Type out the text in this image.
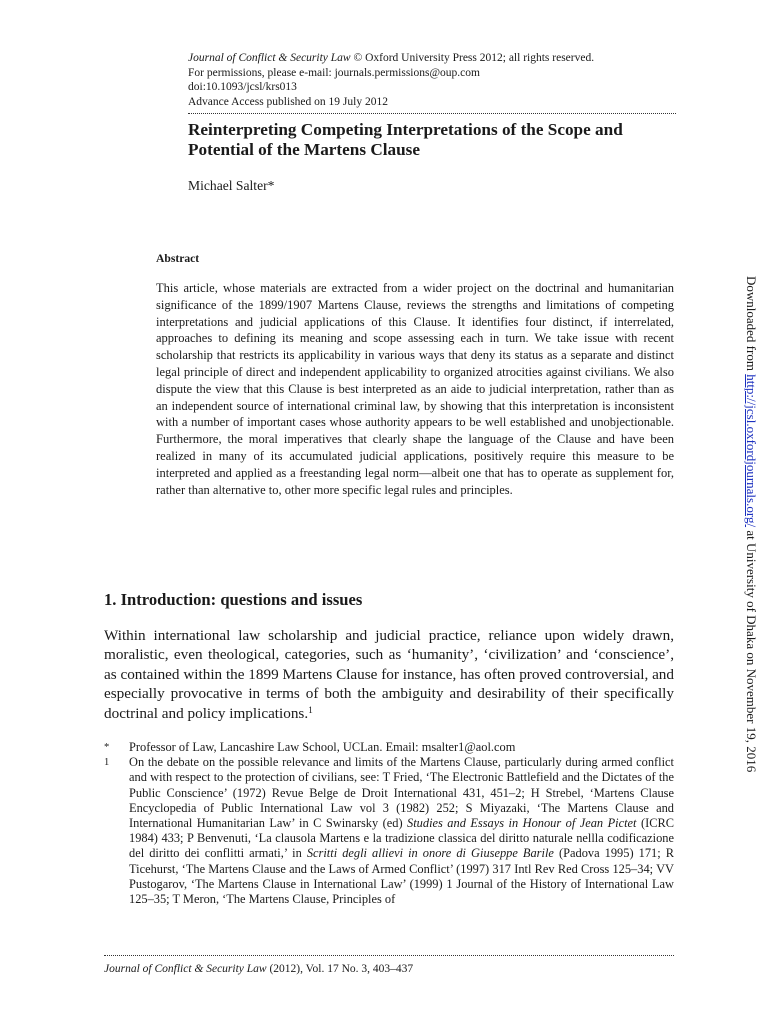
Journal of Conflict & Security Law © Oxford University Press 2012; all rights reserved.
For permissions, please e-mail: journals.permissions@oup.com
doi:10.1093/jcsl/krs013
Advance Access published on 19 July 2012
Reinterpreting Competing Interpretations of the Scope and Potential of the Martens Clause
Michael Salter*
Abstract

This article, whose materials are extracted from a wider project on the doctrinal and humanitarian significance of the 1899/1907 Martens Clause, reviews the strengths and limitations of competing interpretations and judicial applications of this Clause. It identifies four distinct, if interrelated, approaches to defining its meaning and scope assessing each in turn. We take issue with recent scholarship that restricts its applicability in various ways that deny its status as a separate and distinct legal principle of direct and independent applicability to organized atrocities against civilians. We also dispute the view that this Clause is best interpreted as an aide to judicial interpretation, rather than as an independent source of international criminal law, by showing that this interpretation is inconsistent with a number of important cases whose authority appears to be well established and unobjectionable. Furthermore, the moral imperatives that clearly shape the language of the Clause and have been realized in many of its accumulated judicial applications, positively require this measure to be interpreted and applied as a freestanding legal norm—albeit one that has to operate as supplement for, rather than alternative to, other more specific legal rules and principles.

1. Introduction: questions and issues

Within international law scholarship and judicial practice, reliance upon widely drawn, moralistic, even theological, categories, such as ‘humanity’, ‘civilization’ and ‘conscience’, as contained within the 1899 Martens Clause for instance, has often proved controversial, and especially provocative in terms of both the ambiguity and desirability of their specifically doctrinal and policy implications.$^1$

* Professor of Law, Lancashire Law School, UCLan. Email: msalter1@aol.com
1 On the debate on the possible relevance and limits of the Martens Clause, particularly during armed conflict and with respect to the protection of civilians, see: T Fried, ‘The Electronic Battlefield and the Dictates of the Public Conscience’ (1972) Revue Belge de Droit International 431, 451–2; H Strebel, ‘Martens Clause Encyclopedia of Public International Law vol 3 (1982) 252; S Miyazaki, ‘The Martens Clause and International Humanitarian Law’ in C Swinarsky (ed) Studies and Essays in Honour of Jean Pictet (ICRC 1984) 433; P Benvenuti, ‘La clausola Martens e la tradizione classica del diritto naturale nellla codificazione del diritto dei conflitti armati,’ in Scritti degli allievi in onore di Giuseppe Barile (Padova 1995) 171; R Ticehurst, ‘The Martens Clause and the Laws of Armed Conflict’ (1997) 317 Intl Rev Red Cross 125–34; VV Pustogarov, ‘The Martens Clause in International Law’ (1999) 1 Journal of the History of International Law 125–35; T Meron, ‘The Martens Clause, Principles of
Journal of Conflict & Security Law (2012), Vol. 17 No. 3, 403–437
Downloaded from http://jcsl.oxfordjournals.org/ at University of Dhaka on November 19, 2016
